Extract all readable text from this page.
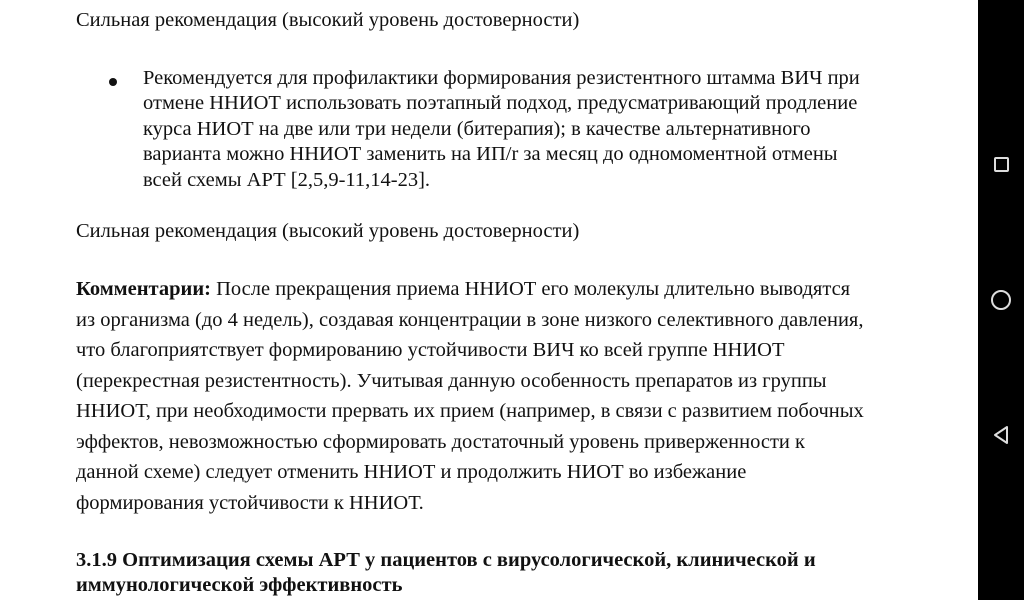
Сильная рекомендация (высокий уровень достоверности)
Рекомендуется для профилактики формирования резистентного штамма ВИЧ при
отмене ННИОТ использовать поэтапный подход, предусматривающий продление
курса НИОТ на две или три недели (битерапия); в качестве альтернативного
варианта можно ННИОТ заменить на ИП/r за месяц до одномоментной отмены
всей схемы АРТ [2,5,9-11,14-23].
Сильная рекомендация (высокий уровень достоверности)
Комментарии: После прекращения приема ННИОТ его молекулы длительно выводятся
из организма (до 4 недель), создавая концентрации в зоне низкого селективного давления,
что благоприятствует формированию устойчивости ВИЧ ко всей группе ННИОТ
(перекрестная резистентность). Учитывая данную особенность препаратов из группы
ННИОТ, при необходимости прервать их прием (например, в связи с развитием побочных
эффектов, невозможностью сформировать достаточный уровень приверженности к
данной схеме) следует отменить ННИОТ и продолжить НИОТ во избежание
формирования устойчивости к ННИОТ.
3.1.9 Оптимизация схемы АРТ у пациентов с вирусологической, клинической и
иммунологической эффективность
